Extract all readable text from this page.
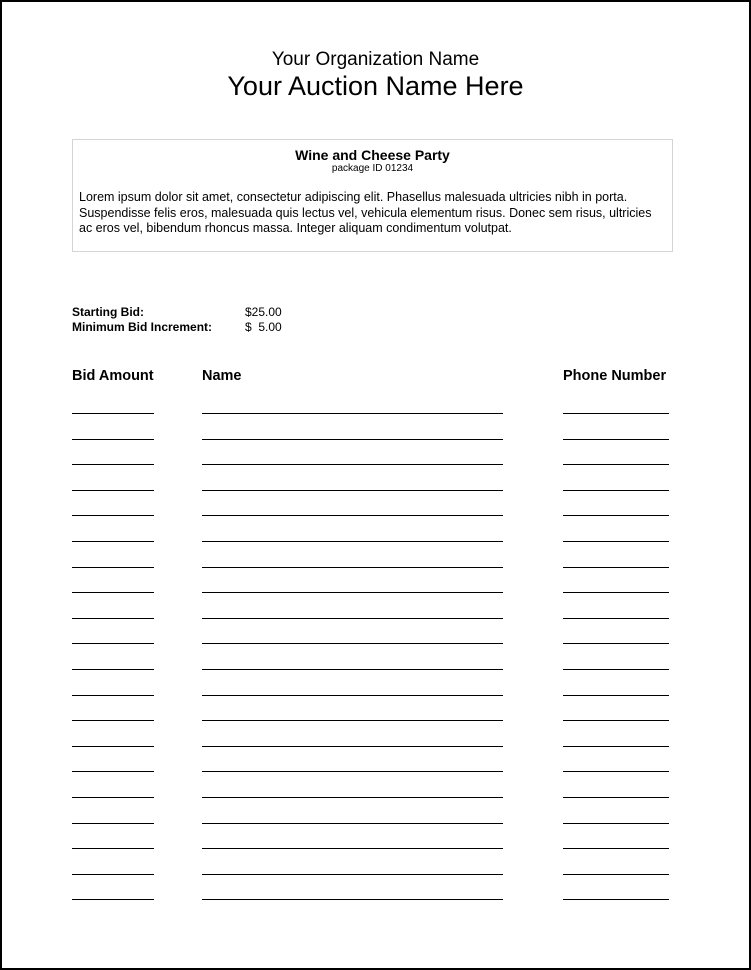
Your Organization Name
Your Auction Name Here
Wine and Cheese Party
package ID 01234
Lorem ipsum dolor sit amet, consectetur adipiscing elit. Phasellus malesuada ultricies nibh in porta. Suspendisse felis eros, malesuada quis lectus vel, vehicula elementum risus. Donec sem risus, ultricies ac eros vel, bibendum rhoncus massa. Integer aliquam condimentum volutpat.
Starting Bid:	$25.00
Minimum Bid Increment:	$  5.00
Bid Amount	Name	Phone Number
